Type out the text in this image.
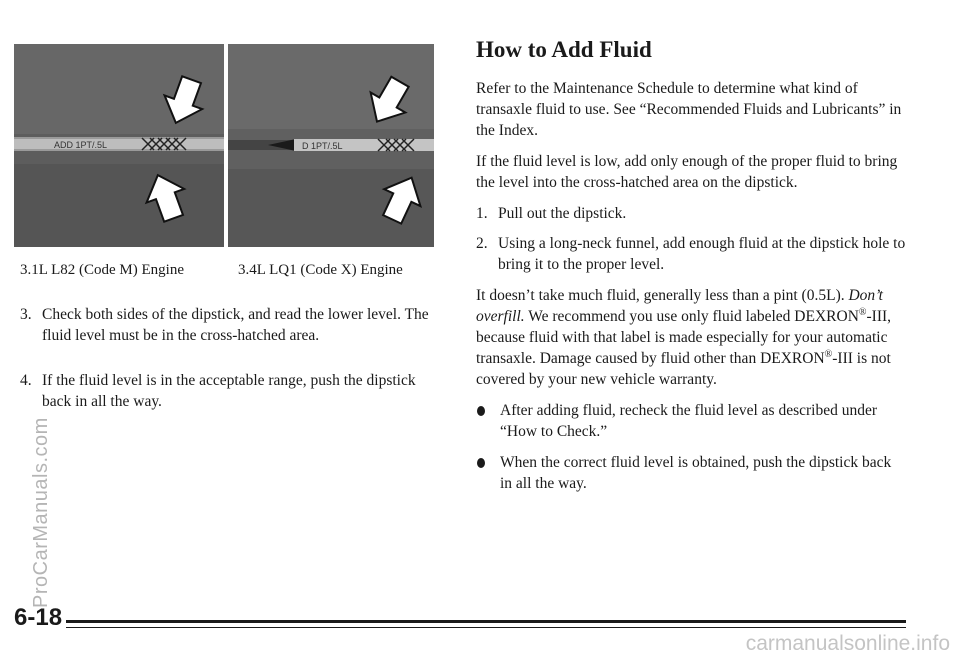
ADD 1PT/.5L	D 1PT/.5L
3.1L L82 (Code M) Engine	3.4L LQ1 (Code X) Engine
3. Check both sides of the dipstick, and read the lower level. The fluid level must be in the cross-hatched area.
4. If the fluid level is in the acceptable range, push the dipstick back in all the way.
How to Add Fluid

Refer to the Maintenance Schedule to determine what kind of transaxle fluid to use. See “Recommended Fluids and Lubricants” in the Index.

If the fluid level is low, add only enough of the proper fluid to bring the level into the cross-hatched area on the dipstick.

1. Pull out the dipstick.
2. Using a long-neck funnel, add enough fluid at the dipstick hole to bring it to the proper level.

It doesn’t take much fluid, generally less than a pint (0.5L). Don’t overfill. We recommend you use only fluid labeled DEXRON®-III, because fluid with that label is made especially for your automatic transaxle. Damage caused by fluid other than DEXRON®-III is not covered by your new vehicle warranty.

After adding fluid, recheck the fluid level as described under “How to Check.”
When the correct fluid level is obtained, push the dipstick back in all the way.
6-18
ProCarManuals.com
carmanualsonline.info
